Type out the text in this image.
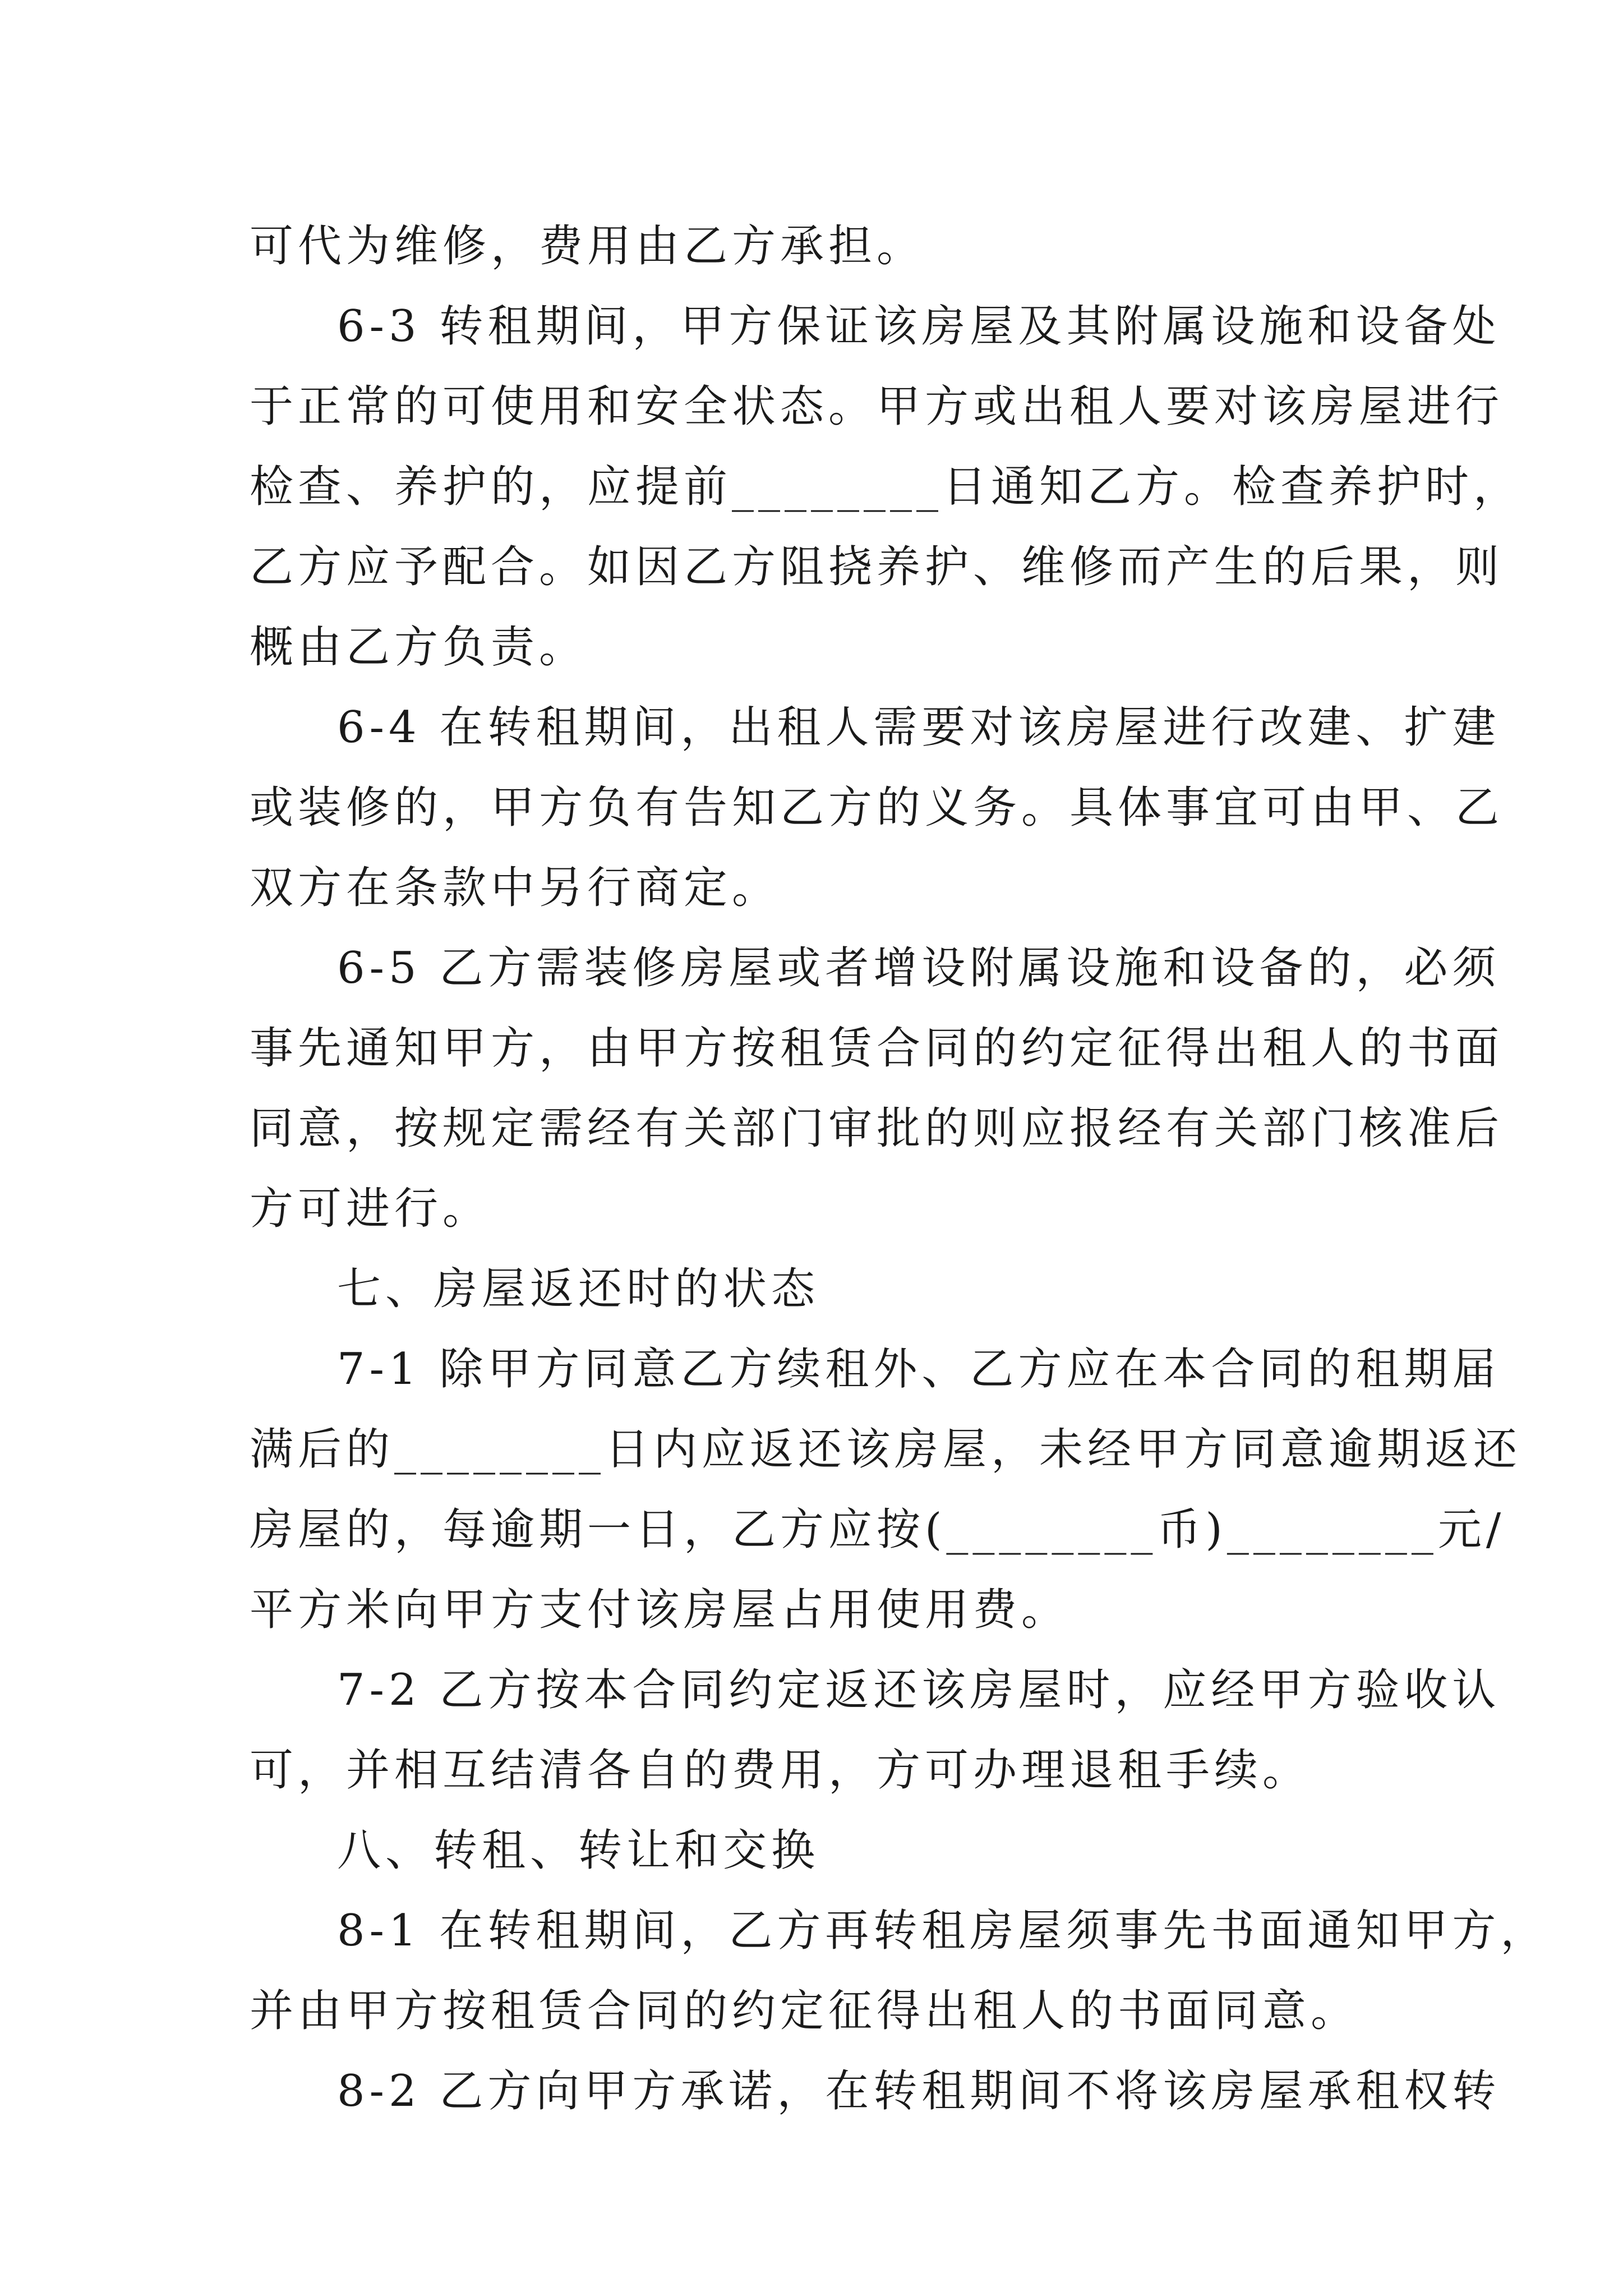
可代为维修，费用由乙方承担。
6-3 转租期间，甲方保证该房屋及其附属设施和设备处
于正常的可使用和安全状态。甲方或出租人要对该房屋进行
检查、养护的，应提前________日通知乙方。检查养护时，
乙方应予配合。如因乙方阻挠养护、维修而产生的后果，则
概由乙方负责。
6-4 在转租期间，出租人需要对该房屋进行改建、扩建
或装修的，甲方负有告知乙方的义务。具体事宜可由甲、乙
双方在条款中另行商定。
6-5 乙方需装修房屋或者增设附属设施和设备的，必须
事先通知甲方，由甲方按租赁合同的约定征得出租人的书面
同意，按规定需经有关部门审批的则应报经有关部门核准后
方可进行。
七、房屋返还时的状态
7-1 除甲方同意乙方续租外、乙方应在本合同的租期届
满后的________日内应返还该房屋，未经甲方同意逾期返还
房屋的，每逾期一日，乙方应按(________币)________元/
平方米向甲方支付该房屋占用使用费。
7-2 乙方按本合同约定返还该房屋时，应经甲方验收认
可，并相互结清各自的费用，方可办理退租手续。
八、转租、转让和交换
8-1 在转租期间，乙方再转租房屋须事先书面通知甲方，
并由甲方按租赁合同的约定征得出租人的书面同意。
8-2 乙方向甲方承诺，在转租期间不将该房屋承租权转
